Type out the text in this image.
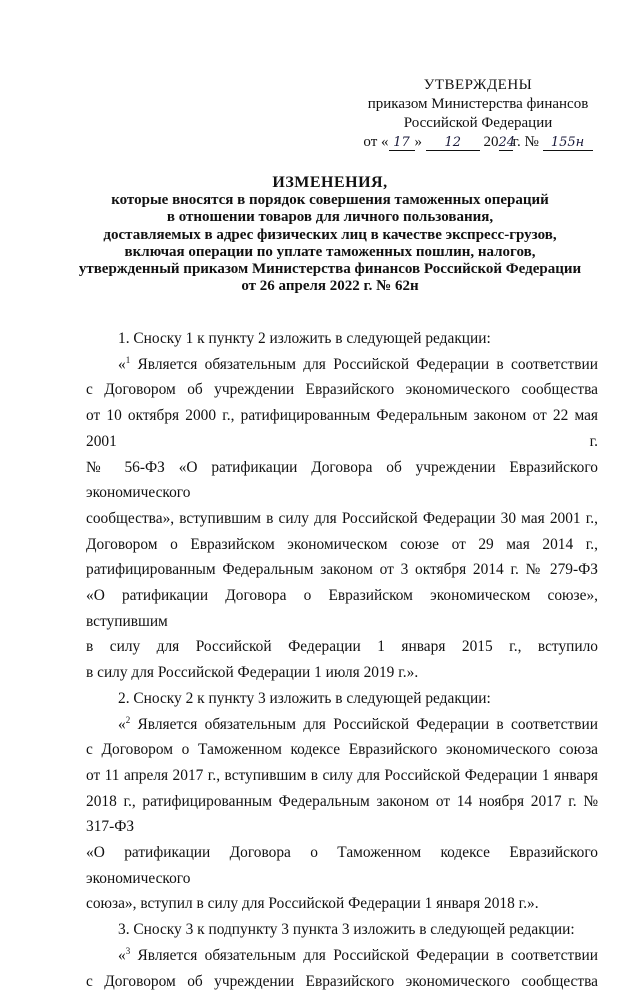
УТВЕРЖДЕНЫ
приказом Министерства финансов
Российской Федерации
от « 17 » 12 2024г. № 155н
ИЗМЕНЕНИЯ,
которые вносятся в порядок совершения таможенных операций
в отношении товаров для личного пользования,
доставляемых в адрес физических лиц в качестве экспресс-грузов,
включая операции по уплате таможенных пошлин, налогов,
утвержденный приказом Министерства финансов Российской Федерации
от 26 апреля 2022 г. № 62н

1. Сноску 1 к пункту 2 изложить в следующей редакции:

«$^1$ Является обязательным для Российской Федерации в соответствии

с Договором об учреждении Евразийского экономического сообщества

от 10 октября 2000 г., ратифицированным Федеральным законом от 22 мая 2001 г.

№ 56-ФЗ «О ратификации Договора об учреждении Евразийского экономического

сообщества», вступившим в силу для Российской Федерации 30 мая 2001 г.,

Договором о Евразийском экономическом союзе от 29 мая 2014 г.,

ратифицированным Федеральным законом от 3 октября 2014 г. № 279-ФЗ

«О ратификации Договора о Евразийском экономическом союзе», вступившим

в силу для Российской Федерации 1 января 2015 г., вступило

в силу для Российской Федерации 1 июля 2019 г.».

2. Сноску 2 к пункту 3 изложить в следующей редакции:

«$^2$ Является обязательным для Российской Федерации в соответствии

с Договором о Таможенном кодексе Евразийского экономического союза

от 11 апреля 2017 г., вступившим в силу для Российской Федерации 1 января

2018 г., ратифицированным Федеральным законом от 14 ноября 2017 г. № 317-ФЗ

«О ратификации Договора о Таможенном кодексе Евразийского экономического

союза», вступил в силу для Российской Федерации 1 января 2018 г.».

3. Сноску 3 к подпункту 3 пункта 3 изложить в следующей редакции:

«$^3$ Является обязательным для Российской Федерации в соответствии

с Договором об учреждении Евразийского экономического сообщества
